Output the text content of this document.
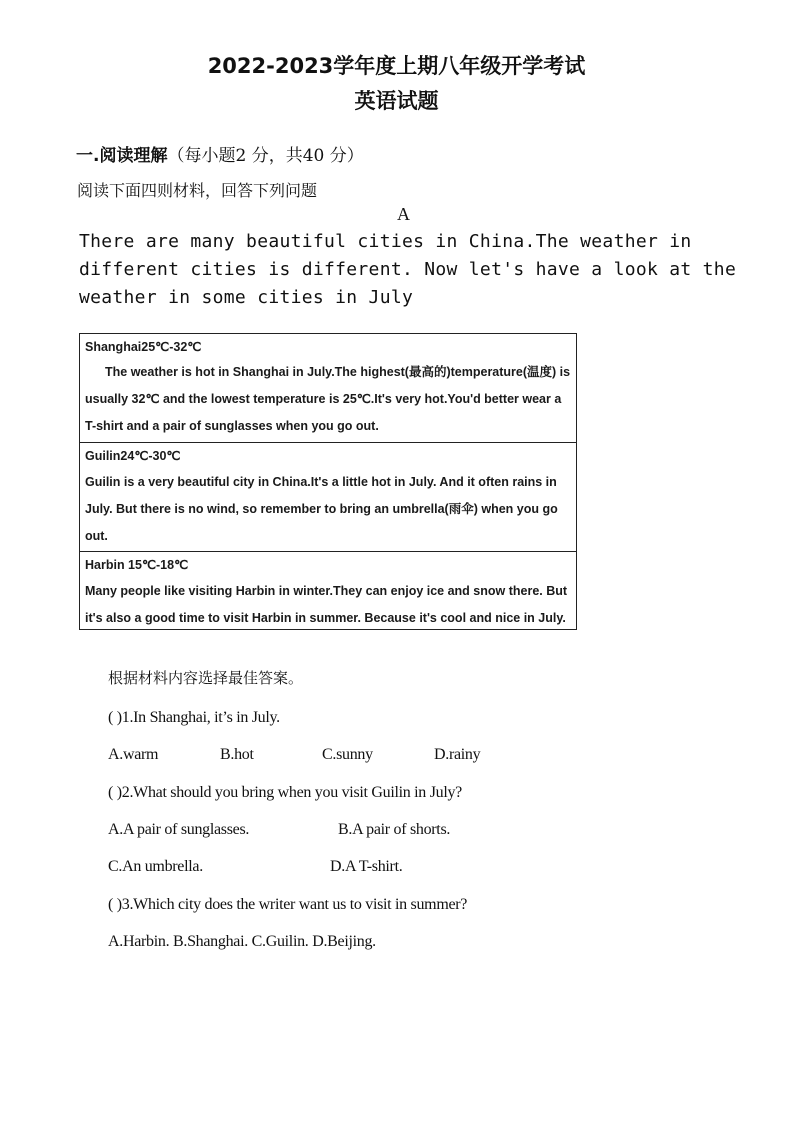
2022-2023学年度上期八年级开学考试
英语试题
一.阅读理解（每小题2 分，共40 分）
阅读下面四则材料，回答下列问题
A
There are many beautiful cities in China.The weather in different cities is different. Now let's have a look at the weather in some cities in July
Shanghai25℃-32℃
The weather is hot in Shanghai in July.The highest(最高的)temperature(温度) is usually 32℃ and the lowest temperature is 25℃.It's very hot.You'd better wear a T-shirt and a pair of sunglasses when you go out.
Guilin24℃-30℃
Guilin is a very beautiful city in China.It's a little hot in July. And it often rains in July. But there is no wind, so remember to bring an umbrella(雨伞) when you go out.
Harbin 15℃-18℃
Many people like visiting Harbin in winter.They can enjoy ice and snow there. But it's also a good time to visit Harbin in summer. Because it's cool and nice in July.
根据材料内容选择最佳答案。
( )1.In Shanghai, it’s in July.
A.warm	B.hot	C.sunny	D.rainy
( )2.What should you bring when you visit Guilin in July?
A.A pair of sunglasses.	B.A pair of shorts.
C.An umbrella.	D.A T-shirt.
( )3.Which city does the writer want us to visit in summer?
A.Harbin. B.Shanghai. C.Guilin. D.Beijing.
